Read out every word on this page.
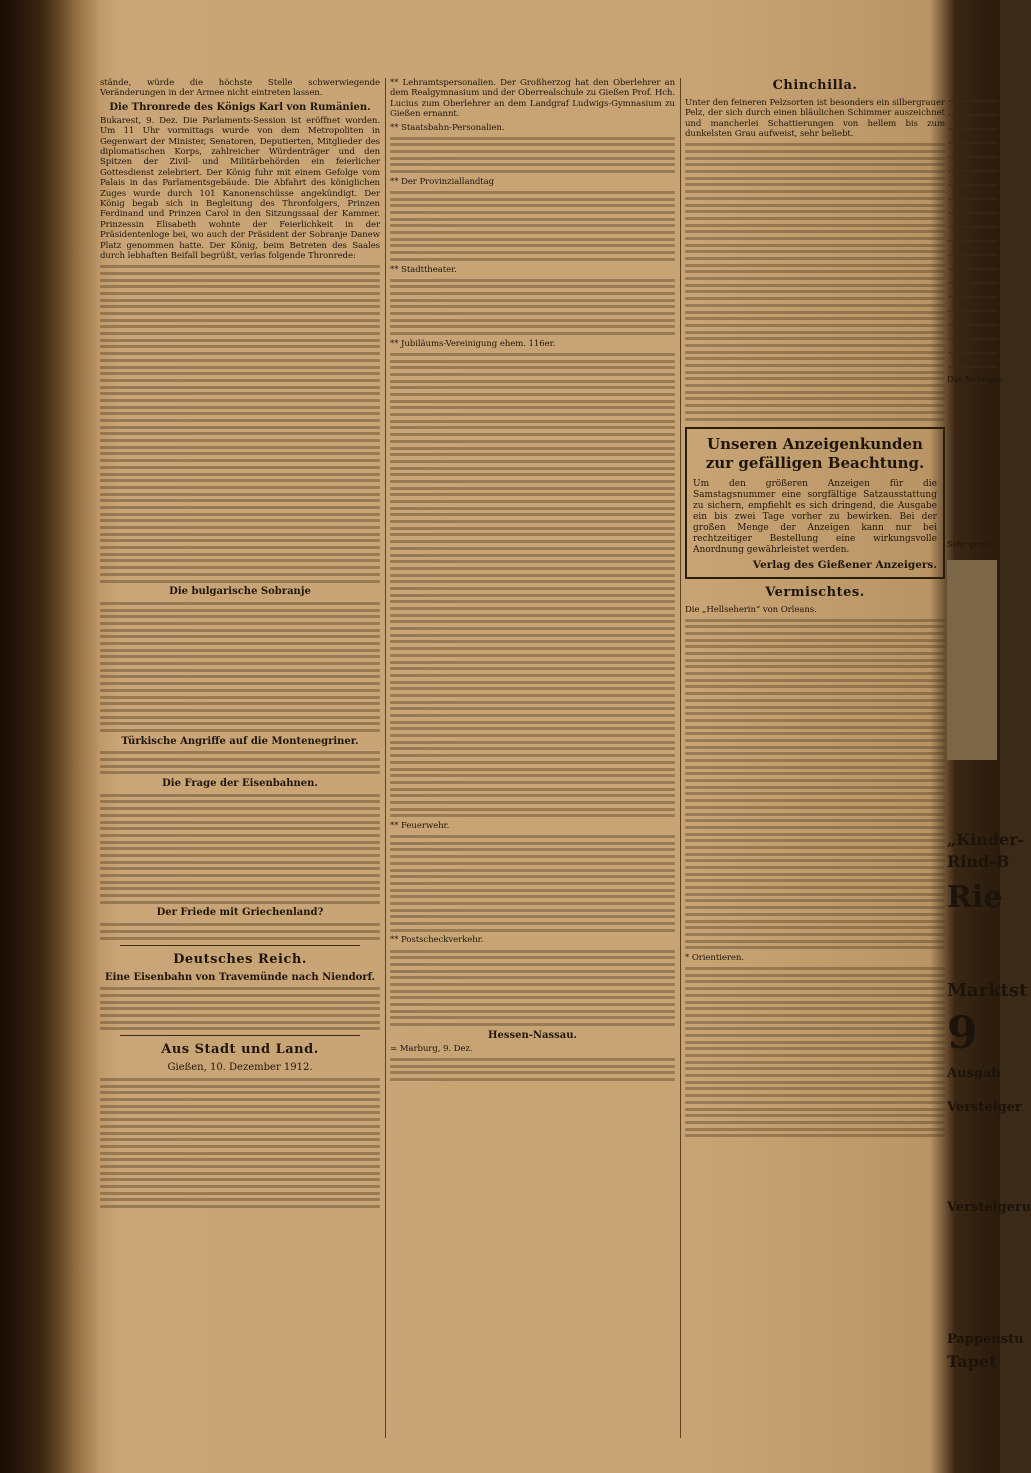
stände, würde die höchste Stelle schwerwiegende Veränderungen in der Armee nicht eintreten lassen.

Die Thronrede des Königs Karl von Rumänien.

Bukarest, 9. Dez. Die Parlaments-Session ist eröffnet worden. Um 11 Uhr vormittags wurde von dem Metropoliten in Gegenwart der Minister, Senatoren, Deputierten, Mitglieder des diplomatischen Korps, zahlreicher Würdenträger und den Spitzen der Zivil- und Militärbehörden ein feierlicher Gottesdienst zelebriert. Der König fuhr mit einem Gefolge vom Palais in das Parlamentsgebäude. Die Abfahrt des königlichen Zuges wurde durch 101 Kanonenschüsse angekündigt. Der König begab sich in Begleitung des Thronfolgers, Prinzen Ferdinand und Prinzen Carol in den Sitzungssaal der Kammer. Prinzessin Elisabeth wohnte der Feierlichkeit in der Präsidentenloge bei, wo auch der Präsident der Sobranje Danew Platz genommen hatte. Der König, beim Betreten des Saales durch lebhaften Beifall begrüßt, verlas folgende Thronrede:

Die bulgarische Sobranje
Türkische Angriffe auf die Montenegriner.
Die Frage der Eisenbahnen.
Der Friede mit Griechenland?
Deutsches Reich.
Eine Eisenbahn von Travemünde nach Niendorf.
Aus Stadt und Land.
Gießen, 10. Dezember 1912.

** Lehramtspersonalien. Der Großherzog hat den Oberlehrer an dem Realgymnasium und der Oberrealschule zu Gießen Prof. Hch. Lucius zum Oberlehrer an dem Landgraf Ludwigs-Gymnasium zu Gießen ernannt.

** Staatsbahn-Personalien.

** Der Provinziallandtag

** Stadttheater.

** Jubiläums-Vereinigung ehem. 116er.

** Feuerwehr.

** Postscheckverkehr.

Hessen-Nassau.

= Marburg, 9. Dez.

Chinchilla.

Unter den feineren Pelzsorten ist besonders ein silbergrauer Pelz, der sich durch einen bläulichen Schimmer auszeichnet und mancherlei Schattierungen von hellem bis zum dunkelsten Grau aufweist, sehr beliebt.

Unseren Anzeigenkunden
zur gefälligen Beachtung.
Um den größeren Anzeigen für die Samstagsnummer eine sorgfältige Satzausstattung zu sichern, empfiehlt es sich dringend, die Ausgabe ein bis zwei Tage vorher zu bewirken. Bei der großen Menge der Anzeigen kann nur bei rechtzeitiger Bestellung eine wirkungsvolle Anordnung gewährleistet werden.
Verlag des Gießener Anzeigers.
Vermischtes.

Die „Hellseherin“ von Orleans.

* Orientieren.

Das Nebelpre
Sehr gross
„Kinder-
Rind-B
Rie
Marktst
9
Ausgab
Versteiger
Versteigeru
Pappenstu
Tapet
